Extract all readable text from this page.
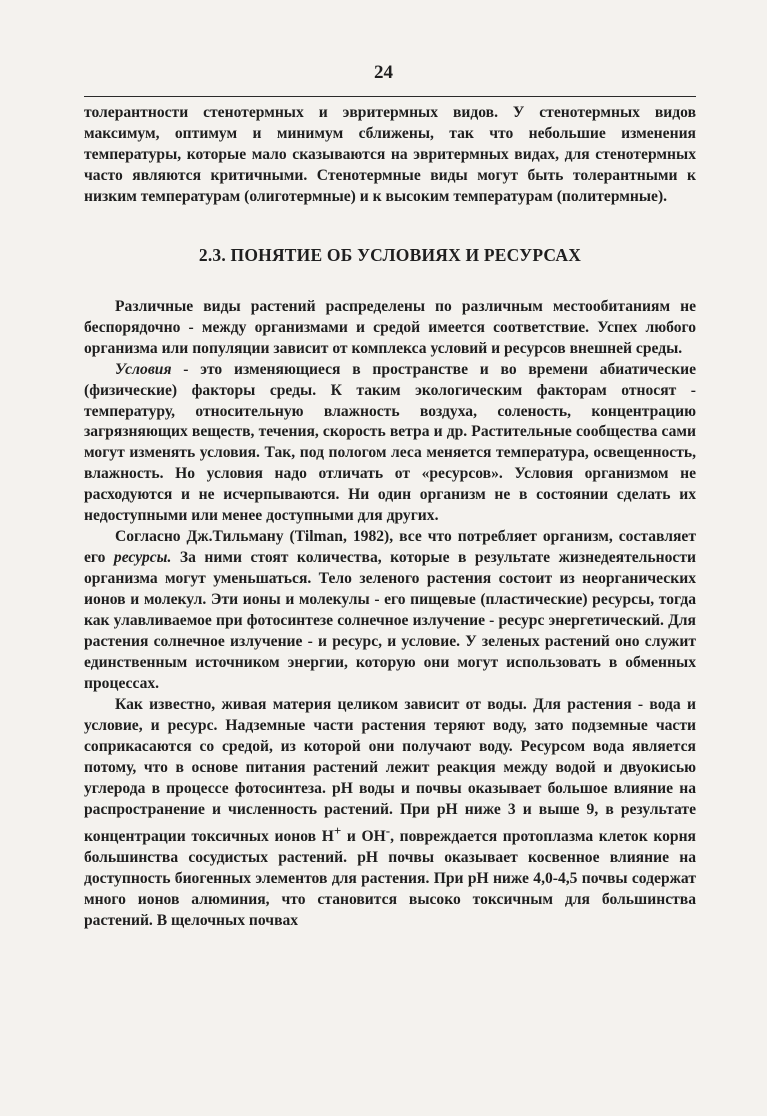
24

толерантности стенотермных и эвритермных видов. У стенотермных видов максимум, оптимум и минимум сближены, так что небольшие изменения температуры, которые мало сказываются на эвритермных видах, для стенотермных часто являются критичными. Стенотермные виды могут быть толерантными к низким температурам (олиготермные) и к высоким температурам (политермные).

2.3. ПОНЯТИЕ ОБ УСЛОВИЯХ И РЕСУРСАХ

Различные виды растений распределены по различным местообитаниям не беспорядочно - между организмами и средой имеется соответствие. Успех любого организма или популяции зависит от комплекса условий и ресурсов внешней среды.

Условия - это изменяющиеся в пространстве и во времени абиатические (физические) факторы среды. К таким экологическим факторам относят - температуру, относительную влажность воздуха, соленость, концентрацию загрязняющих веществ, течения, скорость ветра и др. Растительные сообщества сами могут изменять условия. Так, под пологом леса меняется температура, освещенность, влажность. Но условия надо отличать от «ресурсов». Условия организмом не расходуются и не исчерпываются. Ни один организм не в состоянии сделать их недоступными или менее доступными для других.

Согласно Дж.Тильману (Tilman, 1982), все что потребляет организм, составляет его ресурсы. За ними стоят количества, которые в результате жизнедеятельности организма могут уменьшаться. Тело зеленого растения состоит из неорганических ионов и молекул. Эти ионы и молекулы - его пищевые (пластические) ресурсы, тогда как улавливаемое при фотосинтезе солнечное излучение - ресурс энергетический. Для растения солнечное излучение - и ресурс, и условие. У зеленых растений оно служит единственным источником энергии, которую они могут использовать в обменных процессах.

Как известно, живая материя целиком зависит от воды. Для растения - вода и условие, и ресурс. Надземные части растения теряют воду, зато подземные части соприкасаются со средой, из которой они получают воду. Ресурсом вода является потому, что в основе питания растений лежит реакция между водой и двуокисью углерода в процессе фотосинтеза. pH воды и почвы оказывает большое влияние на распространение и численность растений. При pH ниже 3 и выше 9, в результате концентрации токсичных ионов H+ и OH-, повреждается протоплазма клеток корня большинства сосудистых растений. pH почвы оказывает косвенное влияние на доступность биогенных элементов для растения. При pH ниже 4,0-4,5 почвы содержат много ионов алюминия, что становится высоко токсичным для большинства растений. В щелочных почвах
